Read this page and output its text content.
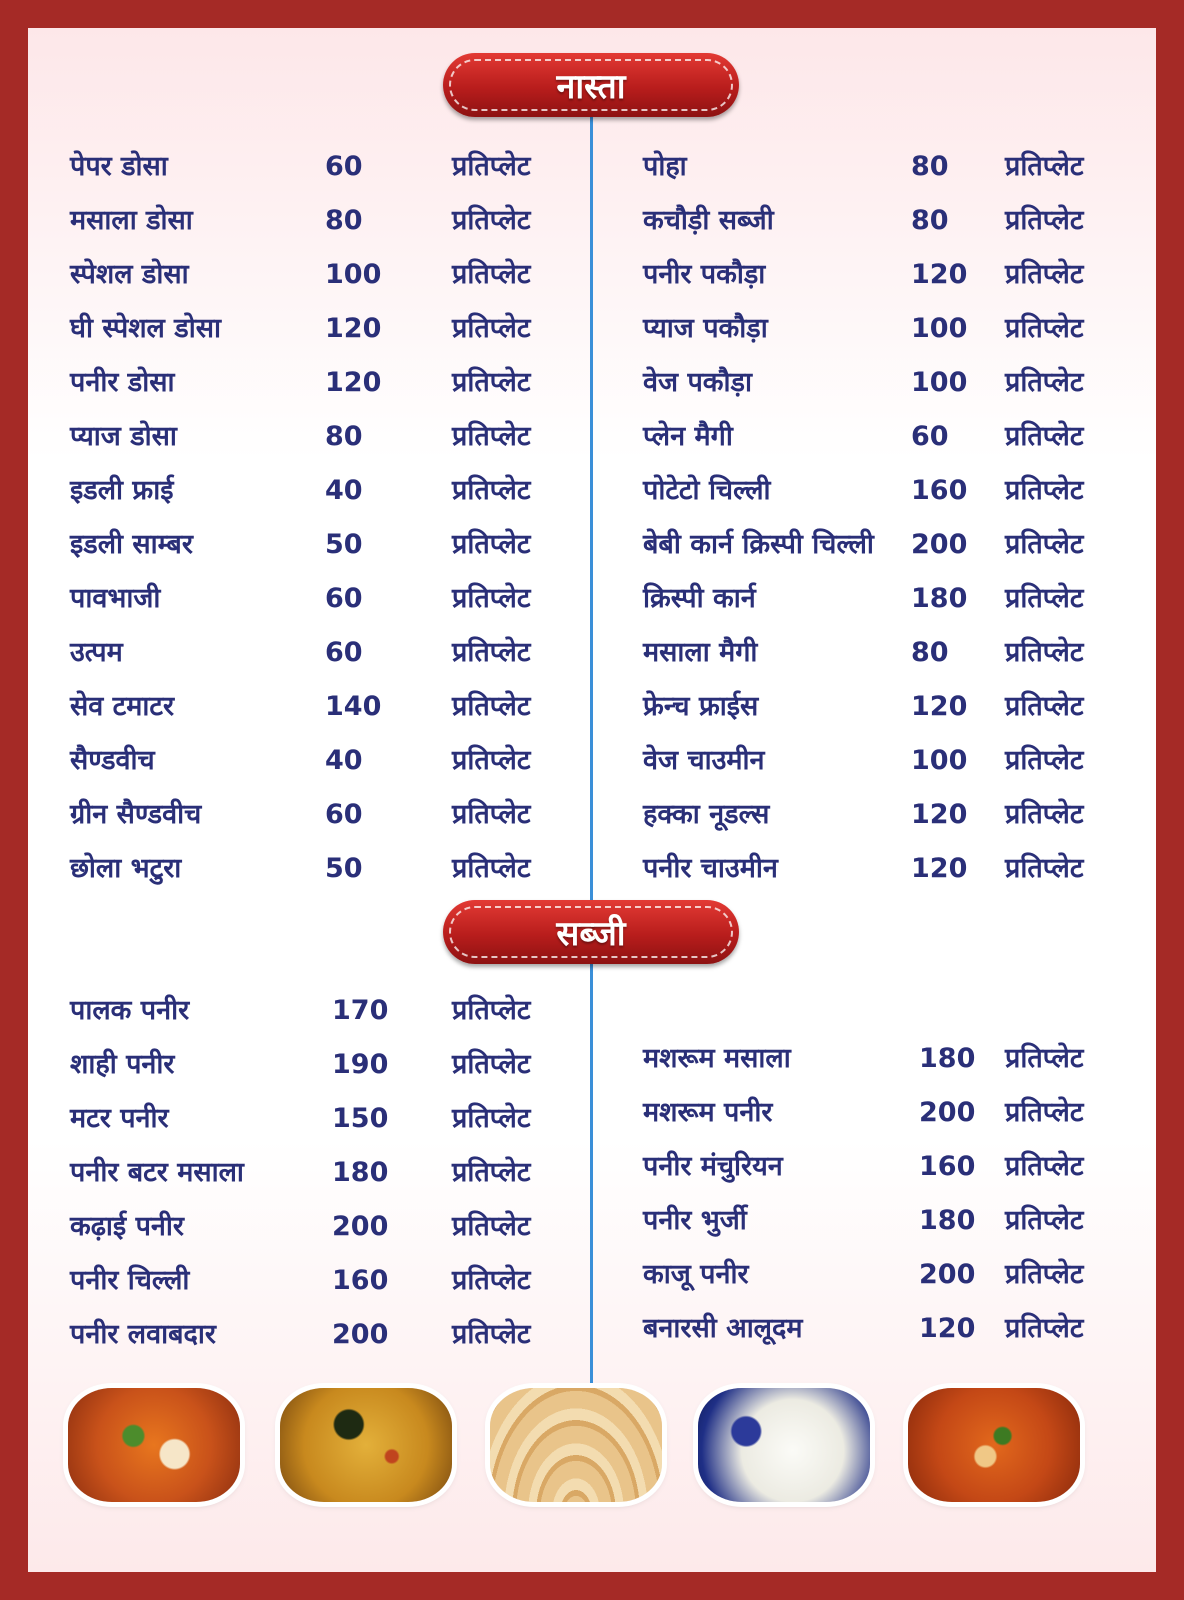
नास्ता
पेपर डोसा	60	प्रतिप्लेट
मसाला डोसा	80	प्रतिप्लेट
स्पेशल डोसा	100	प्रतिप्लेट
घी स्पेशल डोसा	120	प्रतिप्लेट
पनीर डोसा	120	प्रतिप्लेट
प्याज डोसा	80	प्रतिप्लेट
इडली फ्राई	40	प्रतिप्लेट
इडली साम्बर	50	प्रतिप्लेट
पावभाजी	60	प्रतिप्लेट
उत्पम	60	प्रतिप्लेट
सेव टमाटर	140	प्रतिप्लेट
सैण्डवीच	40	प्रतिप्लेट
ग्रीन सैण्डवीच	60	प्रतिप्लेट
छोला भटुरा	50	प्रतिप्लेट
पोहा	80 प्रतिप्लेट
कचौड़ी सब्जी	80 प्रतिप्लेट
पनीर पकौड़ा	120 प्रतिप्लेट
प्याज पकौड़ा	100 प्रतिप्लेट
वेज पकौड़ा	100 प्रतिप्लेट
प्लेन मैगी	60 प्रतिप्लेट
पोटेटो चिल्ली	160 प्रतिप्लेट
बेबी कार्न क्रिस्पी चिल्ली 200 प्रतिप्लेट
क्रिस्पी कार्न	180 प्रतिप्लेट
मसाला मैगी	80 प्रतिप्लेट
फ्रेन्च फ्राईस	120 प्रतिप्लेट
वेज चाउमीन	100 प्रतिप्लेट
हक्का नूडल्स	120 प्रतिप्लेट
पनीर चाउमीन	120 प्रतिप्लेट
सब्जी
पालक पनीर	170 प्रतिप्लेट
शाही पनीर	190 प्रतिप्लेट
मटर पनीर	150 प्रतिप्लेट
पनीर बटर मसाला	180 प्रतिप्लेट
कढ़ाई पनीर	200 प्रतिप्लेट
पनीर चिल्ली	160 प्रतिप्लेट
पनीर लवाबदार	200 प्रतिप्लेट
मशरूम मसाला	180 प्रतिप्लेट
मशरूम पनीर	200 प्रतिप्लेट
पनीर मंचुरियन	160 प्रतिप्लेट
पनीर भुर्जी	180 प्रतिप्लेट
काजू पनीर	200 प्रतिप्लेट
बनारसी आलूदम	120 प्रतिप्लेट
